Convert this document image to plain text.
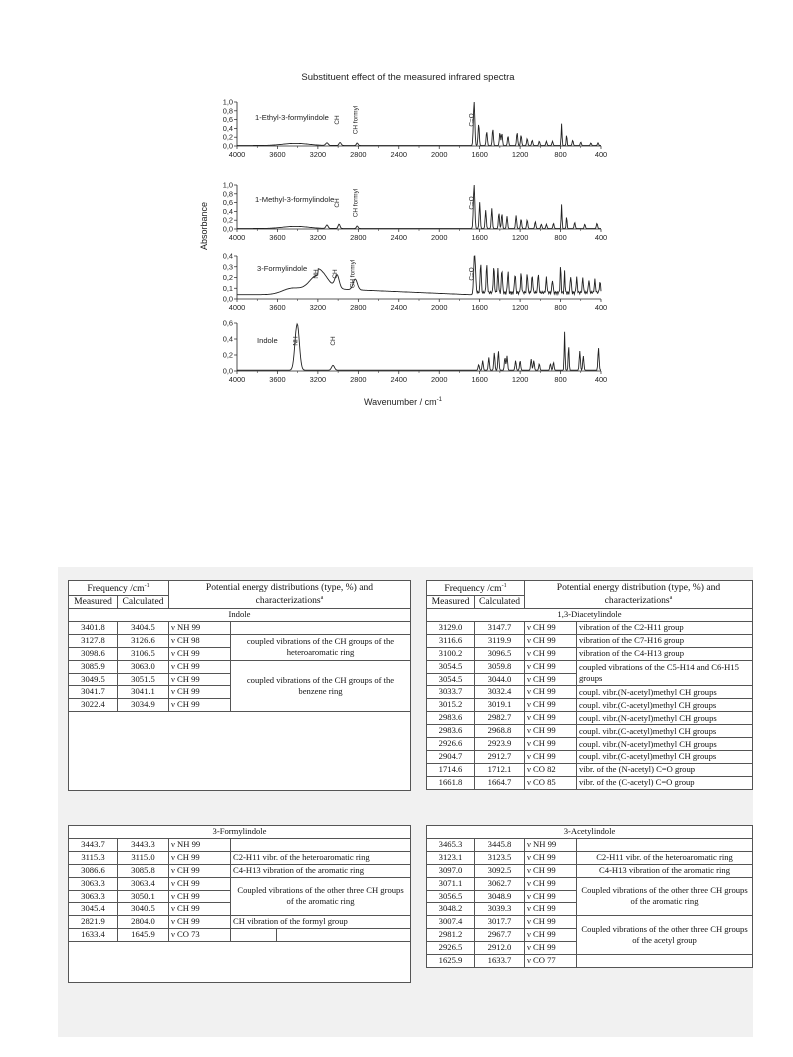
Substituent effect of the measured infrared spectra
Absorbance
Wavenumber / $cm^{-1}$
0,0
0,2
0,4
0,6
0,8
1,0
4000	3600	3200	2800	2400	2000	1600	1200	800	400
1-Ethyl-3-formylindole CH CH formyl	C=O
0,0
0,2
0,4
0,6
0,8
1,0
4000	3600	3200	2800	2400	2000	1600	1200	800	400
1-Methyl-3-formylindole CH CH formyl	C=O
0,0
0,1
0,2
0,3
0,4
4000	3600	3200	2800	2400	2000	1600	1200	800	400
3-Formylindole
NH CH CH formyl	C=O
0,0
0,2
0,4
0,6
4000	3600	3200	2800	2400	2000	1600	1200	800	400
Indole NH	CH
Frequency $/cm^{-1}$		Potential energy distributions (type, %) and characterizations$^a$
Measured	Calculated		
Indole			
3401.8	3404.5	ν NH 99	
3127.8	3126.6	ν CH 98	coupled vibrations of the CH groups of the heteroaromatic ring
3098.6	3106.5	ν CH 99	
3085.9	3063.0	ν CH 99	coupled vibrations of the CH groups of the benzene ring
3049.5	3051.5	ν CH 99	
3041.7	3041.1	ν CH 99	
3022.4	3034.9	ν CH 99	

Frequency $/cm^{-1}$		Potential energy distribution (type, %) and characterizations$^a$
Measured	Calculated		
1,3-Diacetylindole			
3129.0	3147.7	ν CH 99	vibration of the C2-H11 group
3116.6	3119.9	ν CH 99	vibration of the C7-H16 group
3100.2	3096.5	ν CH 99	vibration of the C4-H13 group
3054.5	3059.8	ν CH 99	coupled vibrations of the C5-H14 and C6-H15 groups
3054.5	3044.0	ν CH 99	
3033.7	3032.4	ν CH 99	coupl. vibr.(N-acetyl)methyl CH groups
3015.2	3019.1	ν CH 99	coupl. vibr.(C-acetyl)methyl CH groups
2983.6	2982.7	ν CH 99	coupl. vibr.(N-acetyl)methyl CH groups
2983.6	2968.8	ν CH 99	coupl. vibr.(C-acetyl)methyl CH groups
2926.6	2923.9	ν CH 99	coupl. vibr.(N-acetyl)methyl CH groups
2904.7	2912.7	ν CH 99	coupl. vibr.(C-acetyl)methyl CH groups
1714.6	1712.1	ν CO 82	vibr. of the (N-acetyl) C=O group
1661.8	1664.7	ν CO 85	vibr. of the (C-acetyl) C=O group
3-Formylindole				
3443.7	3443.3	ν NH 99		
3115.3	3115.0	ν CH 99	C2-H11 vibr. of the heteroaromatic ring	
3086.6	3085.8	ν CH 99	C4-H13 vibration of the aromatic ring	
3063.3	3063.4	ν CH 99	Coupled vibrations of the other three CH groups of the aromatic ring	
3063.3	3050.1	ν CH 99		
3045.4	3040.5	ν CH 99		
2821.9	2804.0	ν CH 99	CH vibration of the formyl group	
1633.4	1645.9	ν CO 73		

3-Acetylindole			
3465.3	3445.8	ν NH 99	
3123.1	3123.5	ν CH 99	C2-H11 vibr. of the heteroaromatic ring
3097.0	3092.5	ν CH 99	C4-H13 vibration of the aromatic ring
3071.1	3062.7	ν CH 99	Coupled vibrations of the other three CH groups of the aromatic ring
3056.5	3048.9	ν CH 99	
3048.2	3039.3	ν CH 99	
3007.4	3017.7	ν CH 99	Coupled vibrations of the other three CH groups of the acetyl group
2981.2	2967.7	ν CH 99	
2926.5	2912.0	ν CH 99	
1625.9	1633.7	ν CO 77	
